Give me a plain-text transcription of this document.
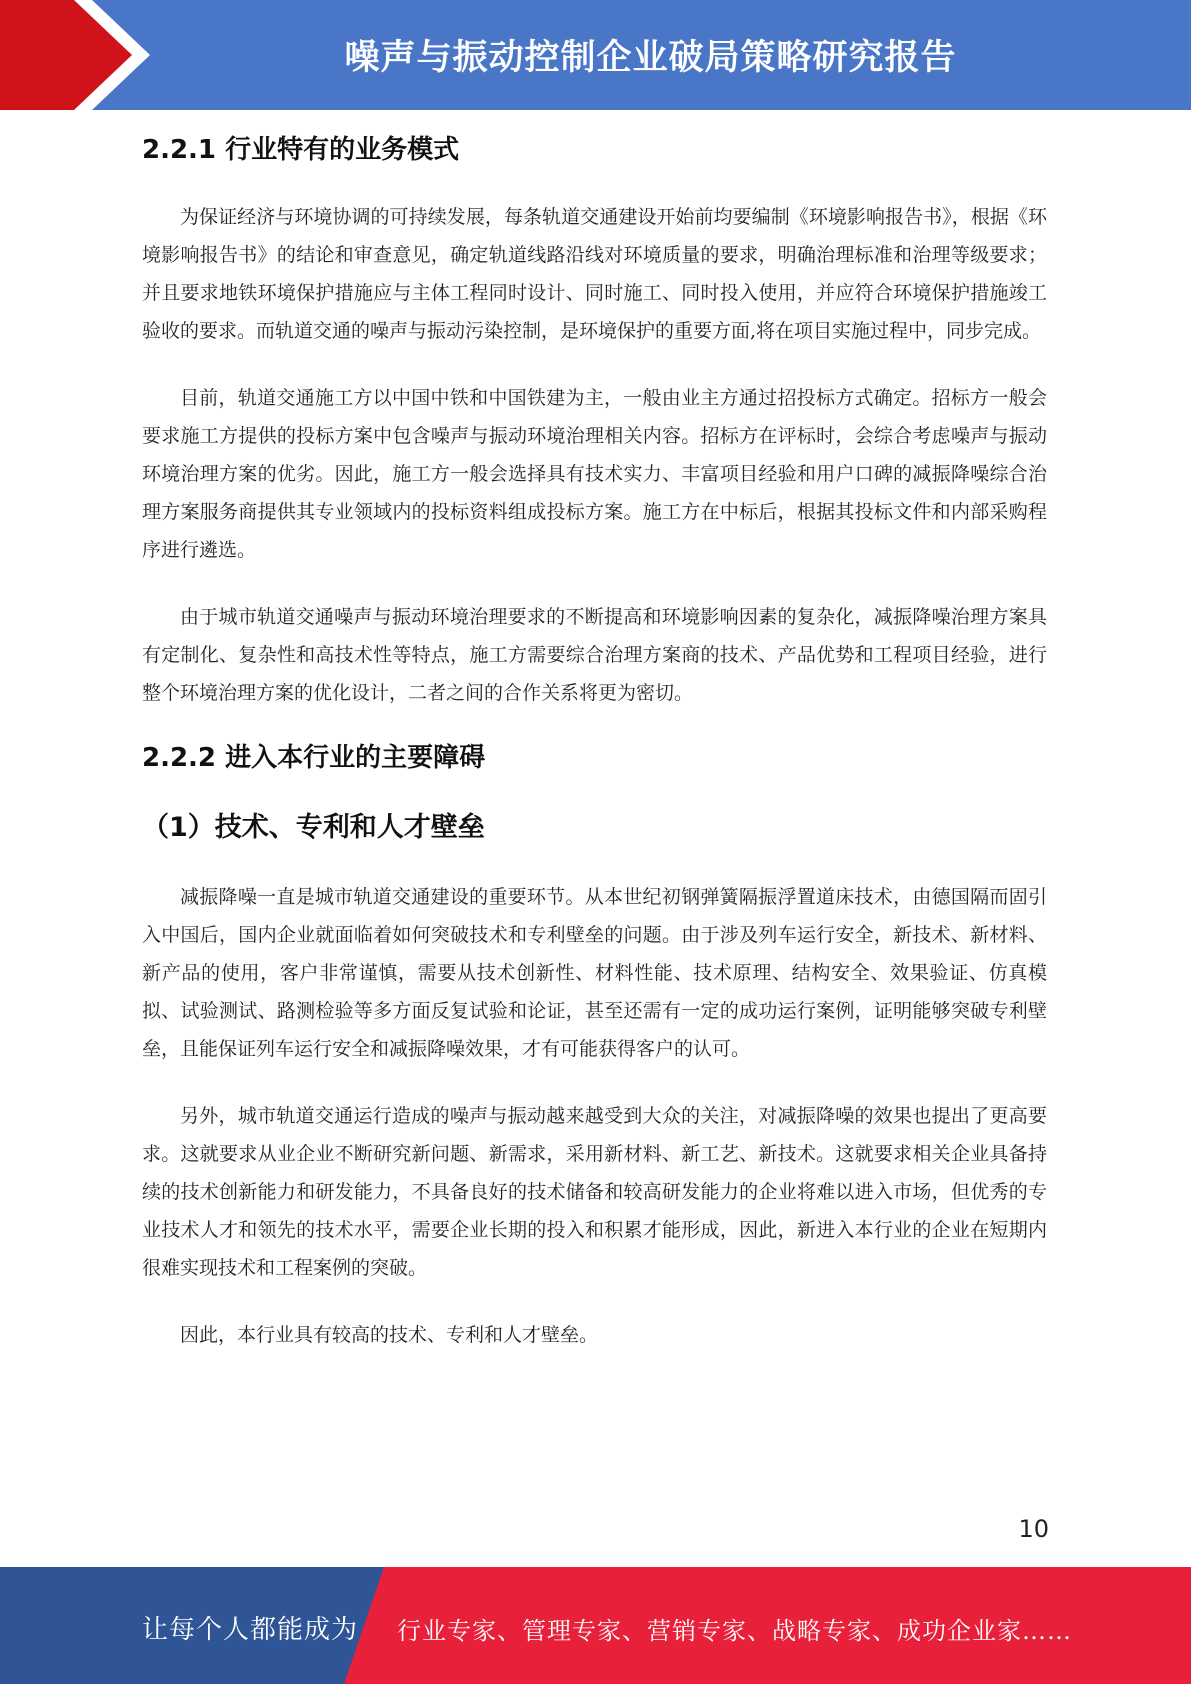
噪声与振动控制企业破局策略研究报告
2.2.1 行业特有的业务模式

为保证经济与环境协调的可持续发展，每条轨道交通建设开始前均要编制《环境影响报告书》，根据《环境影响报告书》的结论和审查意见，确定轨道线路沿线对环境质量的要求，明确治理标准和治理等级要求；并且要求地铁环境保护措施应与主体工程同时设计、同时施工、同时投入使用，并应符合环境保护措施竣工验收的要求。而轨道交通的噪声与振动污染控制，是环境保护的重要方面,将在项目实施过程中，同步完成。

目前，轨道交通施工方以中国中铁和中国铁建为主，一般由业主方通过招投标方式确定。招标方一般会要求施工方提供的投标方案中包含噪声与振动环境治理相关内容。招标方在评标时，会综合考虑噪声与振动环境治理方案的优劣。因此，施工方一般会选择具有技术实力、丰富项目经验和用户口碑的减振降噪综合治理方案服务商提供其专业领域内的投标资料组成投标方案。施工方在中标后，根据其投标文件和内部采购程序进行遴选。

由于城市轨道交通噪声与振动环境治理要求的不断提高和环境影响因素的复杂化，减振降噪治理方案具有定制化、复杂性和高技术性等特点，施工方需要综合治理方案商的技术、产品优势和工程项目经验，进行整个环境治理方案的优化设计，二者之间的合作关系将更为密切。

2.2.2 进入本行业的主要障碍
（1）技术、专利和人才壁垒

减振降噪一直是城市轨道交通建设的重要环节。从本世纪初钢弹簧隔振浮置道床技术，由德国隔而固引入中国后，国内企业就面临着如何突破技术和专利壁垒的问题。由于涉及列车运行安全，新技术、新材料、新产品的使用，客户非常谨慎，需要从技术创新性、材料性能、技术原理、结构安全、效果验证、仿真模拟、试验测试、路测检验等多方面反复试验和论证，甚至还需有一定的成功运行案例，证明能够突破专利壁垒，且能保证列车运行安全和减振降噪效果，才有可能获得客户的认可。

另外，城市轨道交通运行造成的噪声与振动越来越受到大众的关注，对减振降噪的效果也提出了更高要求。这就要求从业企业不断研究新问题、新需求，采用新材料、新工艺、新技术。这就要求相关企业具备持续的技术创新能力和研发能力，不具备良好的技术储备和较高研发能力的企业将难以进入市场，但优秀的专业技术人才和领先的技术水平，需要企业长期的投入和积累才能形成，因此，新进入本行业的企业在短期内很难实现技术和工程案例的突破。

因此，本行业具有较高的技术、专利和人才壁垒。

10
让每个人都能成为 行业专家、管理专家、营销专家、战略专家、成功企业家……
